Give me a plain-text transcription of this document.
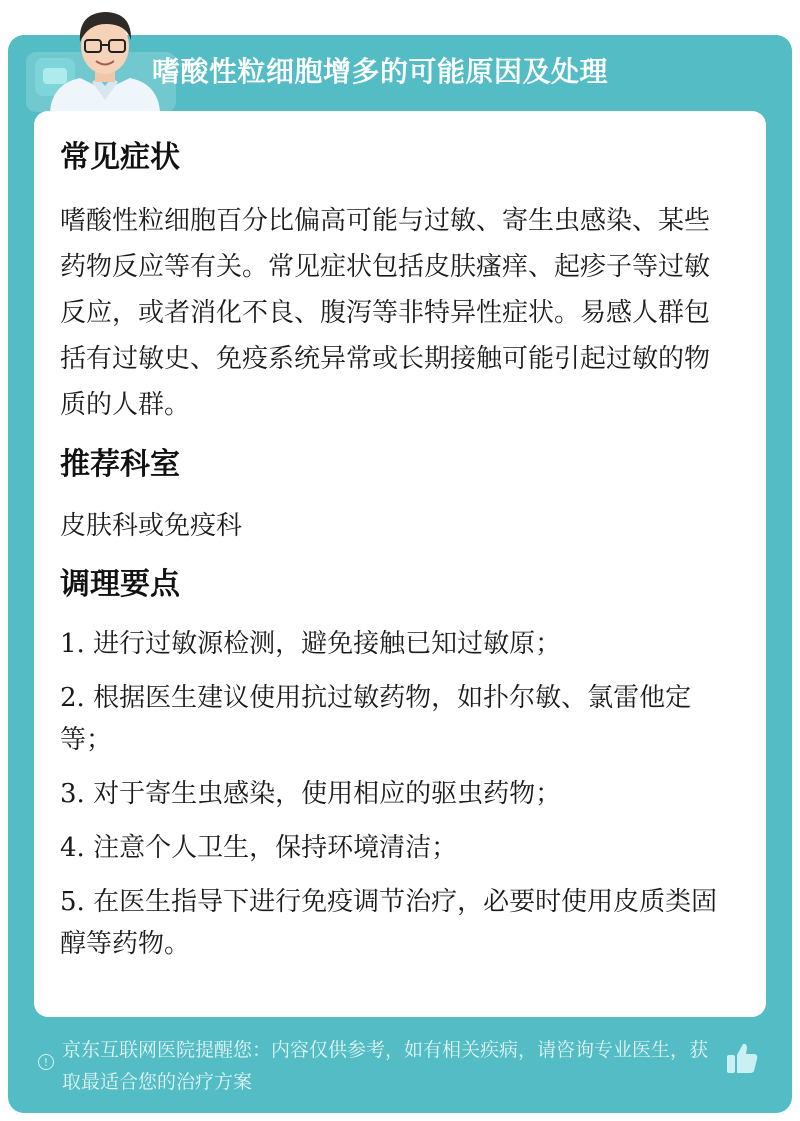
嗜酸性粒细胞增多的可能原因及处理
常见症状

嗜酸性粒细胞百分比偏高可能与过敏、寄生虫感染、某些药物反应等有关。常见症状包括皮肤瘙痒、起疹子等过敏反应，或者消化不良、腹泻等非特异性症状。易感人群包括有过敏史、免疫系统异常或长期接触可能引起过敏的物质的人群。

推荐科室

皮肤科或免疫科

调理要点

1. 进行过敏源检测，避免接触已知过敏原；

2. 根据医生建议使用抗过敏药物，如扑尔敏、氯雷他定等；

3. 对于寄生虫感染，使用相应的驱虫药物；

4. 注意个人卫生，保持环境清洁；

5. 在医生指导下进行免疫调节治疗，必要时使用皮质类固醇等药物。

!
京东互联网医院提醒您：内容仅供参考，如有相关疾病，请咨询专业医生，获取最适合您的治疗方案
